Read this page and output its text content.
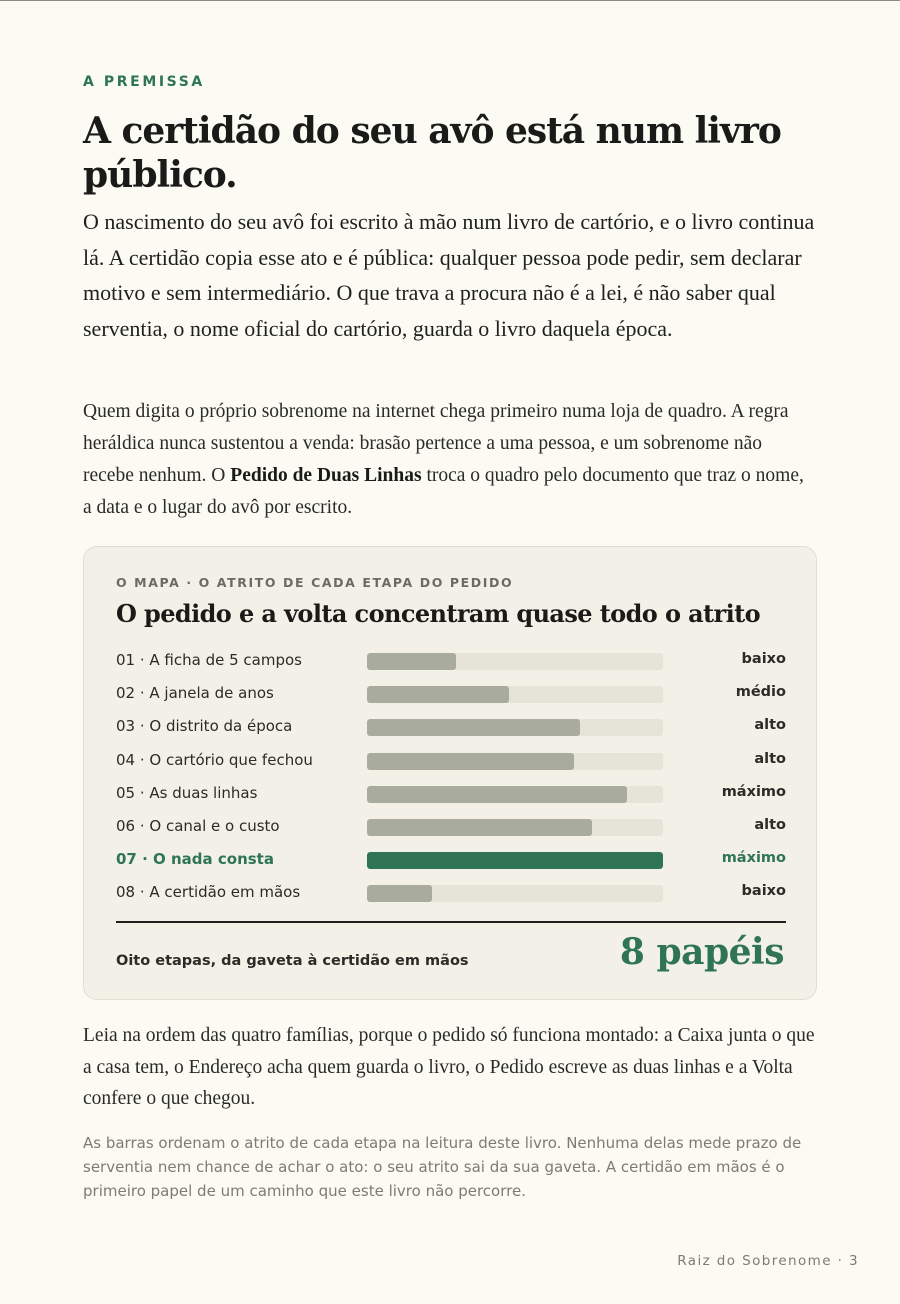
A PREMISSA
A certidão do seu avô está num livro público.

O nascimento do seu avô foi escrito à mão num livro de cartório, e o livro continua lá. A certidão copia esse ato e é pública: qualquer pessoa pode pedir, sem declarar motivo e sem intermediário. O que trava a procura não é a lei, é não saber qual serventia, o nome oficial do cartório, guarda o livro daquela época.

Quem digita o próprio sobrenome na internet chega primeiro numa loja de quadro. A regra heráldica nunca sustentou a venda: brasão pertence a uma pessoa, e um sobrenome não recebe nenhum. O Pedido de Duas Linhas troca o quadro pelo documento que traz o nome, a data e o lugar do avô por escrito.

O MAPA · O ATRITO DE CADA ETAPA DO PEDIDO
O pedido e a volta concentram quase todo o atrito
01 · A ficha de 5 campos	baixo
02 · A janela de anos	médio
03 · O distrito da época	alto
04 · O cartório que fechou	alto
05 · As duas linhas	máximo
06 · O canal e o custo	alto
07 · O nada consta	máximo
08 · A certidão em mãos	baixo
Oito etapas, da gaveta à certidão em mãos	8 papéis

Leia na ordem das quatro famílias, porque o pedido só funciona montado: a Caixa junta o que a casa tem, o Endereço acha quem guarda o livro, o Pedido escreve as duas linhas e a Volta confere o que chegou.

As barras ordenam o atrito de cada etapa na leitura deste livro. Nenhuma delas mede prazo de serventia nem chance de achar o ato: o seu atrito sai da sua gaveta. A certidão em mãos é o primeiro papel de um caminho que este livro não percorre.

Raiz do Sobrenome · 3
